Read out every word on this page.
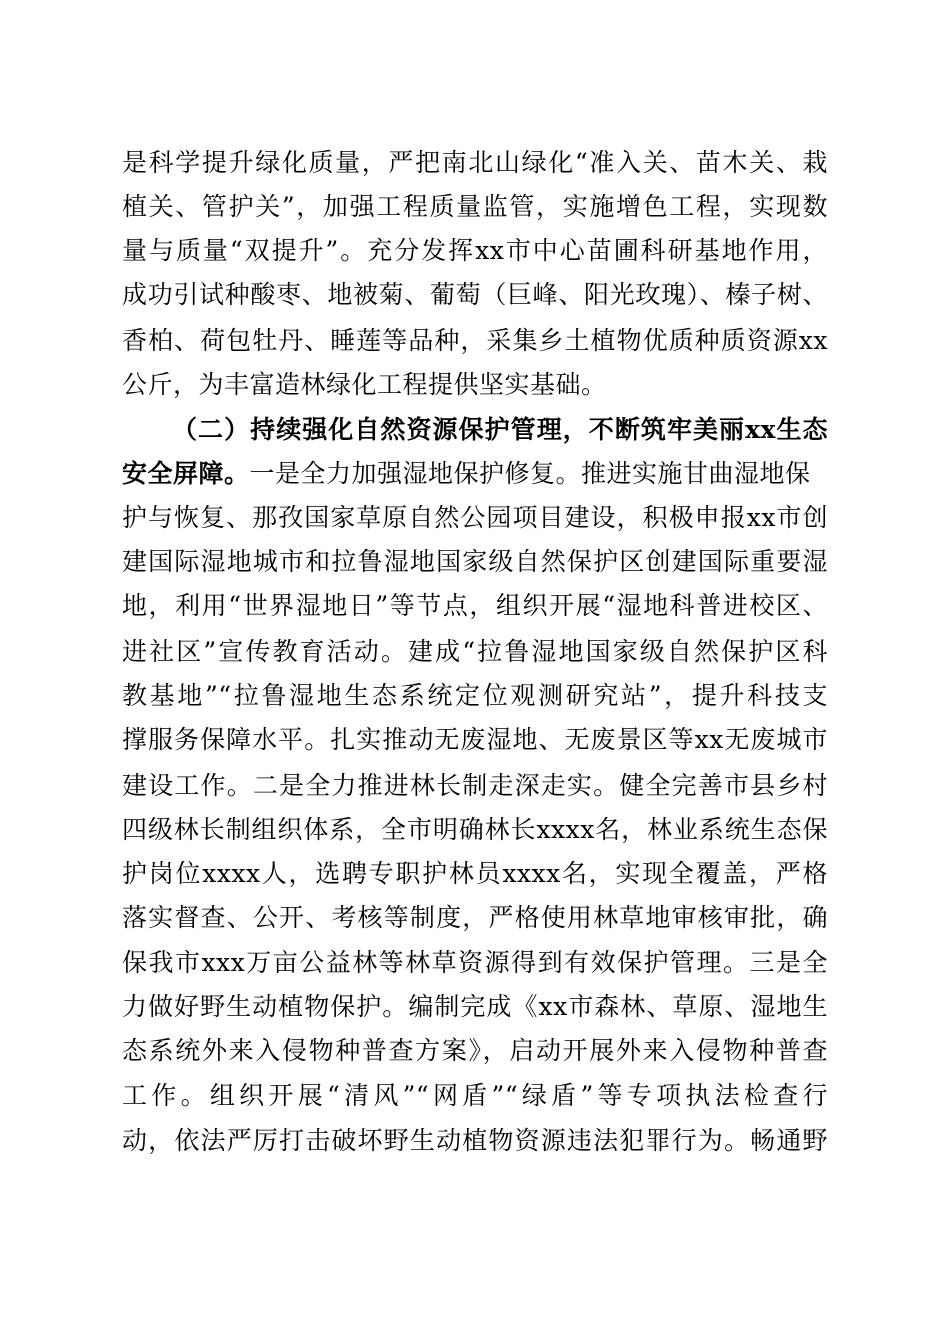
是科学提升绿化质量，严把南北山绿化“准入关、苗木关、栽
植关、管护关”，加强工程质量监管，实施增色工程，实现数
量与质量“双提升”。充分发挥xx市中心苗圃科研基地作用，
成功引试种酸枣、地被菊、葡萄（巨峰、阳光玫瑰）、榛子树、
香柏、荷包牡丹、睡莲等品种，采集乡土植物优质种质资源xx
公斤，为丰富造林绿化工程提供坚实基础。
（二）持续强化自然资源保护管理，不断筑牢美丽xx生态
安全屏障。一是全力加强湿地保护修复。推进实施甘曲湿地保
护与恢复、那孜国家草原自然公园项目建设，积极申报xx市创
建国际湿地城市和拉鲁湿地国家级自然保护区创建国际重要湿
地，利用“世界湿地日”等节点，组织开展“湿地科普进校区、
进社区”宣传教育活动。建成“拉鲁湿地国家级自然保护区科
教基地”“拉鲁湿地生态系统定位观测研究站”，提升科技支
撑服务保障水平。扎实推动无废湿地、无废景区等xx无废城市
建设工作。二是全力推进林长制走深走实。健全完善市县乡村
四级林长制组织体系，全市明确林长xxxx名，林业系统生态保
护岗位xxxx人，选聘专职护林员xxxx名，实现全覆盖，严格
落实督查、公开、考核等制度，严格使用林草地审核审批，确
保我市xxx万亩公益林等林草资源得到有效保护管理。三是全
力做好野生动植物保护。编制完成《xx市森林、草原、湿地生
态系统外来入侵物种普查方案》，启动开展外来入侵物种普查
工作。组织开展“清风”“网盾”“绿盾”等专项执法检查行
动，依法严厉打击破坏野生动植物资源违法犯罪行为。畅通野
